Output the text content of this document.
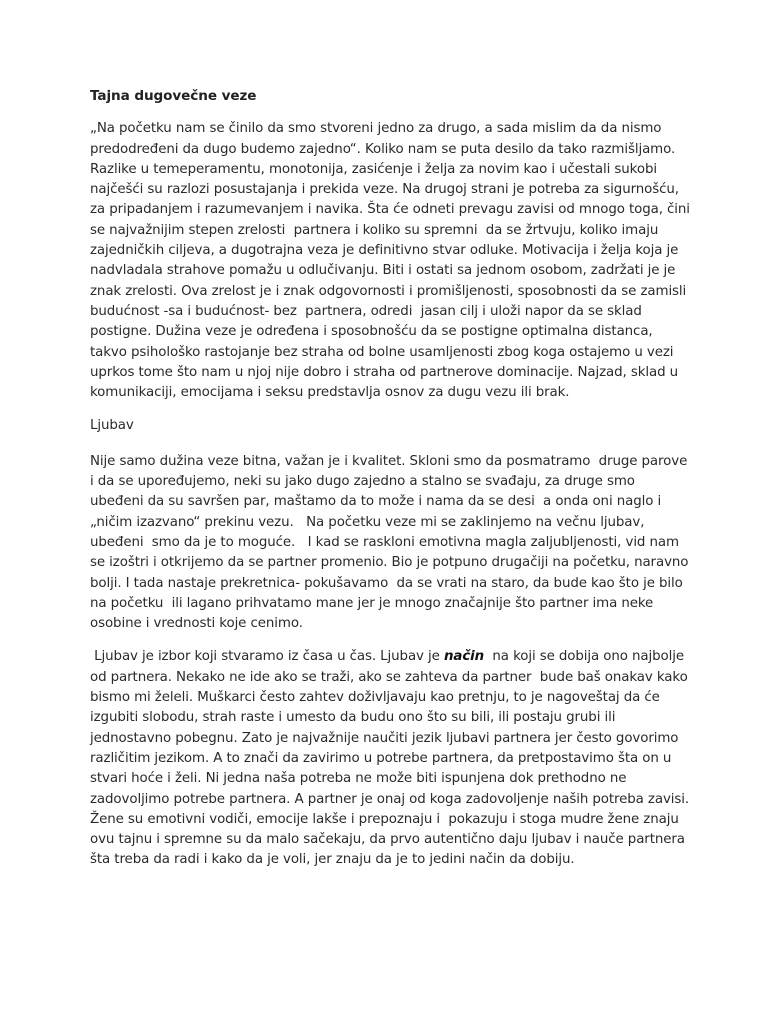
Tajna dugovečne veze

„Na početku nam se činilo da smo stvoreni jedno za drugo, a sada mislim da da nismo predodređeni da dugo budemo zajedno“. Koliko nam se puta desilo da tako razmišljamo. Razlike u temeperamentu, monotonija, zasićenje i želja za novim kao i učestali sukobi najčešći su razlozi posustajanja i prekida veze. Na drugoj strani je potreba za sigurnošću, za pripadanjem i razumevanjem i navika. Šta će odneti prevagu zavisi od mnogo toga, čini se najvažnijim stepen zrelosti  partnera i koliko su spremni  da se žrtvuju, koliko imaju zajedničkih ciljeva, a dugotrajna veza je definitivno stvar odluke. Motivacija i želja koja je nadvladala strahove pomažu u odlučivanju. Biti i ostati sa jednom osobom, zadržati je je znak zrelosti. Ova zrelost je i znak odgovornosti i promišljenosti, sposobnosti da se zamisli budućnost -sa i budućnost- bez  partnera, odredi  jasan cilj i uloži napor da se sklad postigne. Dužina veze je određena i sposobnošću da se postigne optimalna distanca, takvo psihološko rastojanje bez straha od bolne usamljenosti zbog koga ostajemo u vezi uprkos tome što nam u njoj nije dobro i straha od partnerove dominacije. Najzad, sklad u komunikaciji, emocijama i seksu predstavlja osnov za dugu vezu ili brak.

Ljubav

Nije samo dužina veze bitna, važan je i kvalitet. Skloni smo da posmatramo  druge parove i da se upoređujemo, neki su jako dugo zajedno a stalno se svađaju, za druge smo ubeđeni da su savršen par, maštamo da to može i nama da se desi  a onda oni naglo i „ničim izazvano“ prekinu vezu.   Na početku veze mi se zaklinjemo na večnu ljubav, ubeđeni  smo da je to moguće.   I kad se raskloni emotivna magla zaljubljenosti, vid nam se izoštri i otkrijemo da se partner promenio. Bio je potpuno drugačiji na početku, naravno bolji. I tada nastaje prekretnica- pokušavamo  da se vrati na staro, da bude kao što je bilo na početku  ili lagano prihvatamo mane jer je mnogo značajnije što partner ima neke osobine i vrednosti koje cenimo.

Ljubav je izbor koji stvaramo iz časa u čas. Ljubav je način  na koji se dobija ono najbolje od partnera. Nekako ne ide ako se traži, ako se zahteva da partner  bude baš onakav kako bismo mi želeli. Muškarci često zahtev doživljavaju kao pretnju, to je nagoveštaj da će izgubiti slobodu, strah raste i umesto da budu ono što su bili, ili postaju grubi ili jednostavno pobegnu. Zato je najvažnije naučiti jezik ljubavi partnera jer često govorimo različitim jezikom. A to znači da zavirimo u potrebe partnera, da pretpostavimo šta on u stvari hoće i želi. Ni jedna naša potreba ne može biti ispunjena dok prethodno ne zadovoljimo potrebe partnera. A partner je onaj od koga zadovoljenje naših potreba zavisi. Žene su emotivni vodiči, emocije lakše i prepoznaju i  pokazuju i stoga mudre žene znaju ovu tajnu i spremne su da malo sačekaju, da prvo autentično daju ljubav i nauče partnera šta treba da radi i kako da je voli, jer znaju da je to jedini način da dobiju.
